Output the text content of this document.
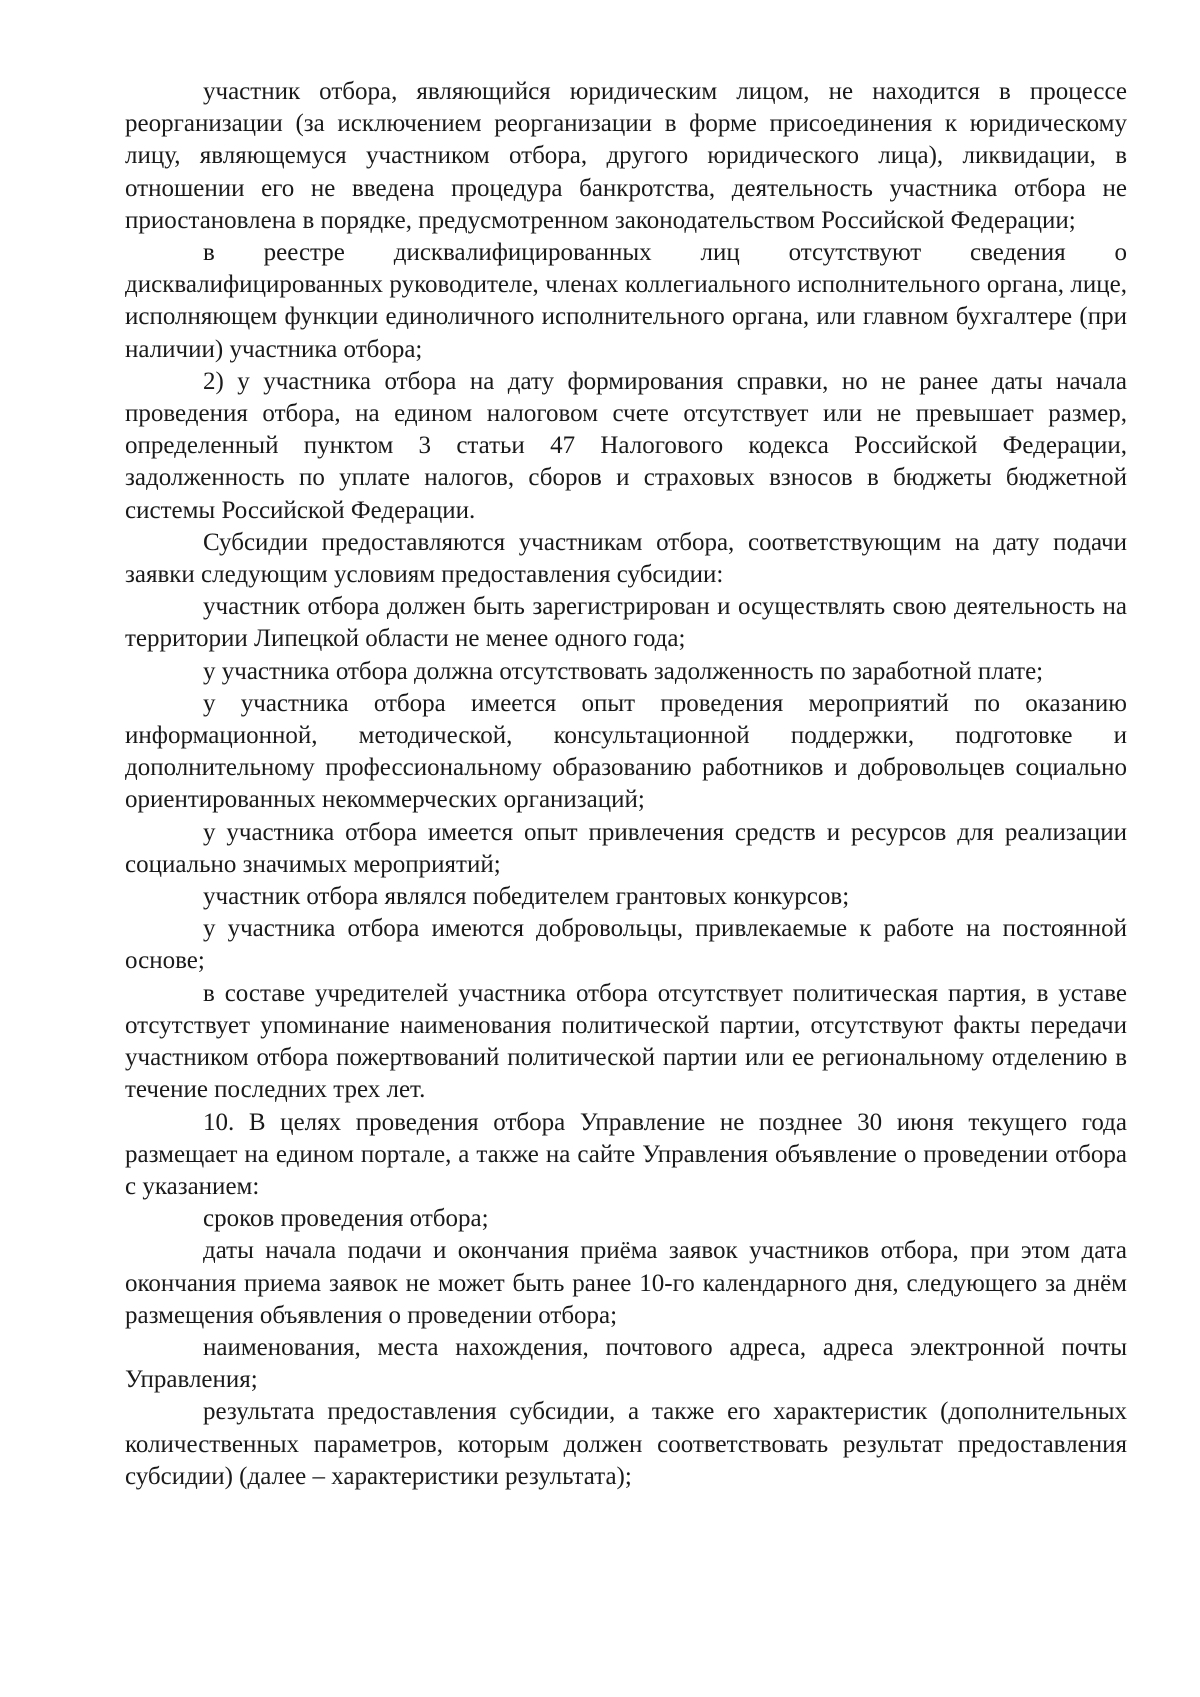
участник отбора, являющийся юридическим лицом, не находится в процессе реорганизации (за исключением реорганизации в форме присоединения к юридическому лицу, являющемуся участником отбора, другого юридического лица), ликвидации, в отношении его не введена процедура банкротства, деятельность участника отбора не приостановлена в порядке, предусмотренном законодательством Российской Федерации;

в реестре дисквалифицированных лиц отсутствуют сведения о дисквалифицированных руководителе, членах коллегиального исполнительного органа, лице, исполняющем функции единоличного исполнительного органа, или главном бухгалтере (при наличии) участника отбора;

2) у участника отбора на дату формирования справки, но не ранее даты начала проведения отбора, на едином налоговом счете отсутствует или не превышает размер, определенный пунктом 3 статьи 47 Налогового кодекса Российской Федерации, задолженность по уплате налогов, сборов и страховых взносов в бюджеты бюджетной системы Российской Федерации.

Субсидии предоставляются участникам отбора, соответствующим на дату подачи заявки следующим условиям предоставления субсидии:

участник отбора должен быть зарегистрирован и осуществлять свою деятельность на территории Липецкой области не менее одного года;

у участника отбора должна отсутствовать задолженность по заработной плате;

у участника отбора имеется опыт проведения мероприятий по оказанию информационной, методической, консультационной поддержки, подготовке и дополнительному профессиональному образованию работников и добровольцев социально ориентированных некоммерческих организаций;

у участника отбора имеется опыт привлечения средств и ресурсов для реализации социально значимых мероприятий;

участник отбора являлся победителем грантовых конкурсов;

у участника отбора имеются добровольцы, привлекаемые к работе на постоянной основе;

в составе учредителей участника отбора отсутствует политическая партия, в уставе отсутствует упоминание наименования политической партии, отсутствуют факты передачи участником отбора пожертвований политической партии или ее региональному отделению в течение последних трех лет.

10. В целях проведения отбора Управление не позднее 30 июня текущего года размещает на едином портале, а также на сайте Управления объявление о проведении отбора с указанием:

сроков проведения отбора;

даты начала подачи и окончания приёма заявок участников отбора, при этом дата окончания приема заявок не может быть ранее 10-го календарного дня, следующего за днём размещения объявления о проведении отбора;

наименования, места нахождения, почтового адреса, адреса электронной почты Управления;

результата предоставления субсидии, а также его характеристик (дополнительных количественных параметров, которым должен соответствовать результат предоставления субсидии) (далее – характеристики результата);
